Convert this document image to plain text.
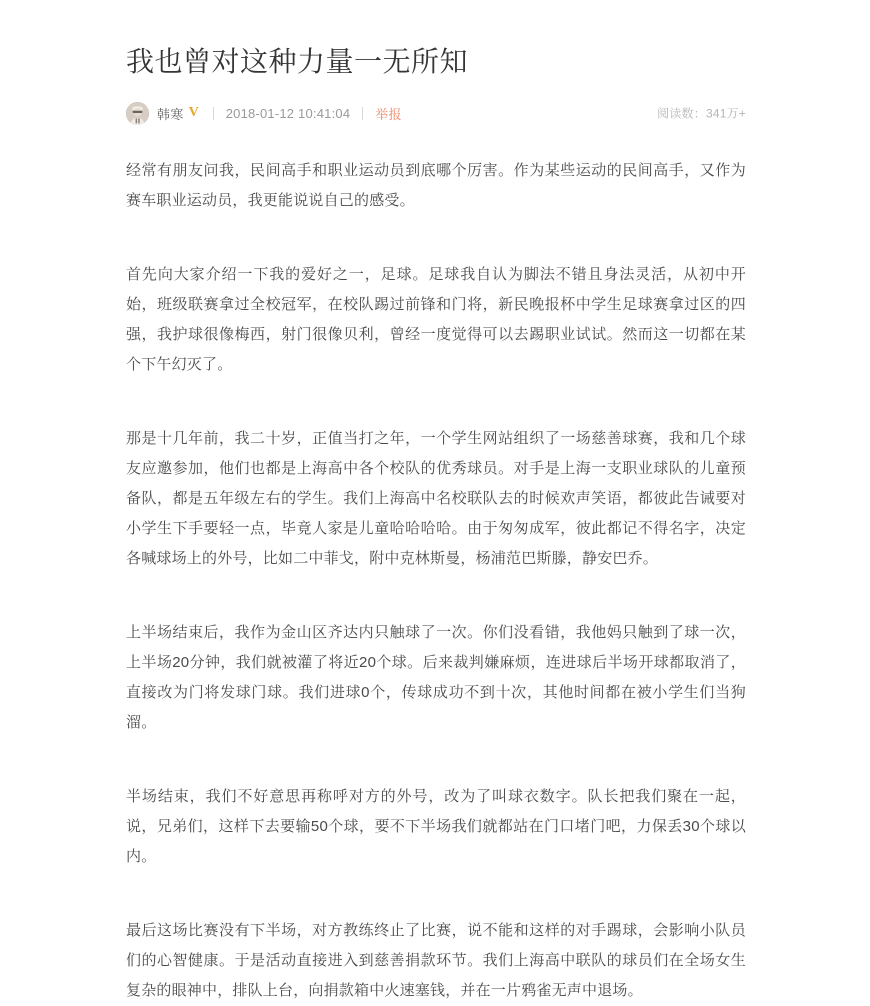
我也曾对这种力量一无所知
韩寒 V 2018-01-12 10:41:04 举报	阅读数：341万+

经常有朋友问我，民间高手和职业运动员到底哪个厉害。作为某些运动的民间高手，又作为赛车职业运动员，我更能说说自己的感受。

首先向大家介绍一下我的爱好之一，足球。足球我自认为脚法不错且身法灵活，从初中开始，班级联赛拿过全校冠军，在校队踢过前锋和门将，新民晚报杯中学生足球赛拿过区的四强，我护球很像梅西，射门很像贝利，曾经一度觉得可以去踢职业试试。然而这一切都在某个下午幻灭了。

那是十几年前，我二十岁，正值当打之年，一个学生网站组织了一场慈善球赛，我和几个球友应邀参加，他们也都是上海高中各个校队的优秀球员。对手是上海一支职业球队的儿童预备队，都是五年级左右的学生。我们上海高中名校联队去的时候欢声笑语，都彼此告诫要对小学生下手要轻一点，毕竟人家是儿童哈哈哈哈。由于匆匆成军，彼此都记不得名字，决定各喊球场上的外号，比如二中菲戈，附中克林斯曼，杨浦范巴斯滕，静安巴乔。

上半场结束后，我作为金山区齐达内只触球了一次。你们没看错，我他妈只触到了球一次，上半场20分钟，我们就被灌了将近20个球。后来裁判嫌麻烦，连进球后半场开球都取消了，直接改为门将发球门球。我们进球0个，传球成功不到十次，其他时间都在被小学生们当狗溜。

半场结束，我们不好意思再称呼对方的外号，改为了叫球衣数字。队长把我们聚在一起，说，兄弟们，这样下去要输50个球，要不下半场我们就都站在门口堵门吧，力保丢30个球以内。

最后这场比赛没有下半场，对方教练终止了比赛，说不能和这样的对手踢球，会影响小队员们的心智健康。于是活动直接进入到慈善捐款环节。我们上海高中联队的球员们在全场女生复杂的眼神中，排队上台，向捐款箱中火速塞钱，并在一片鸦雀无声中退场。
